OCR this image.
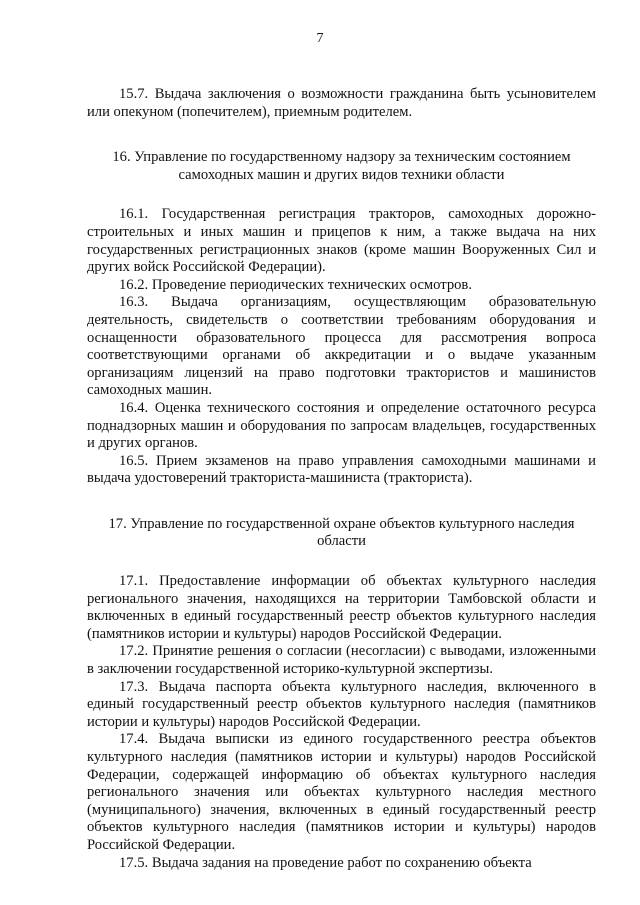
7

15.7. Выдача заключения о возможности гражданина быть усыновителем или опекуном (попечителем), приемным родителем.

16. Управление по государственному надзору за техническим состоянием самоходных машин и других видов техники области

16.1. Государственная регистрация тракторов, самоходных дорожно-строительных и иных машин и прицепов к ним, а также выдача на них государственных регистрационных знаков (кроме машин Вооруженных Сил и других войск Российской Федерации).

16.2. Проведение периодических технических осмотров.

16.3. Выдача организациям, осуществляющим образовательную деятельность, свидетельств о соответствии требованиям оборудования и оснащенности образовательного процесса для рассмотрения вопроса соответствующими органами об аккредитации и о выдаче указанным организациям лицензий на право подготовки трактористов и машинистов самоходных машин.

16.4. Оценка технического состояния и определение остаточного ресурса поднадзорных машин и оборудования по запросам владельцев, государственных и других органов.

16.5. Прием экзаменов на право управления самоходными машинами и выдача удостоверений тракториста-машиниста (тракториста).

17. Управление по государственной охране объектов культурного наследия области

17.1. Предоставление информации об объектах культурного наследия регионального значения, находящихся на территории Тамбовской области и включенных в единый государственный реестр объектов культурного наследия (памятников истории и культуры) народов Российской Федерации.

17.2. Принятие решения о согласии (несогласии) с выводами, изложенными в заключении государственной историко-культурной экспертизы.

17.3. Выдача паспорта объекта культурного наследия, включенного в единый государственный реестр объектов культурного наследия (памятников истории и культуры) народов Российской Федерации.

17.4. Выдача выписки из единого государственного реестра объектов культурного наследия (памятников истории и культуры) народов Российской Федерации, содержащей информацию об объектах культурного наследия регионального значения или объектах культурного наследия местного (муниципального) значения, включенных в единый государственный реестр объектов культурного наследия (памятников истории и культуры) народов Российской Федерации.

17.5. Выдача задания на проведение работ по сохранению объекта
